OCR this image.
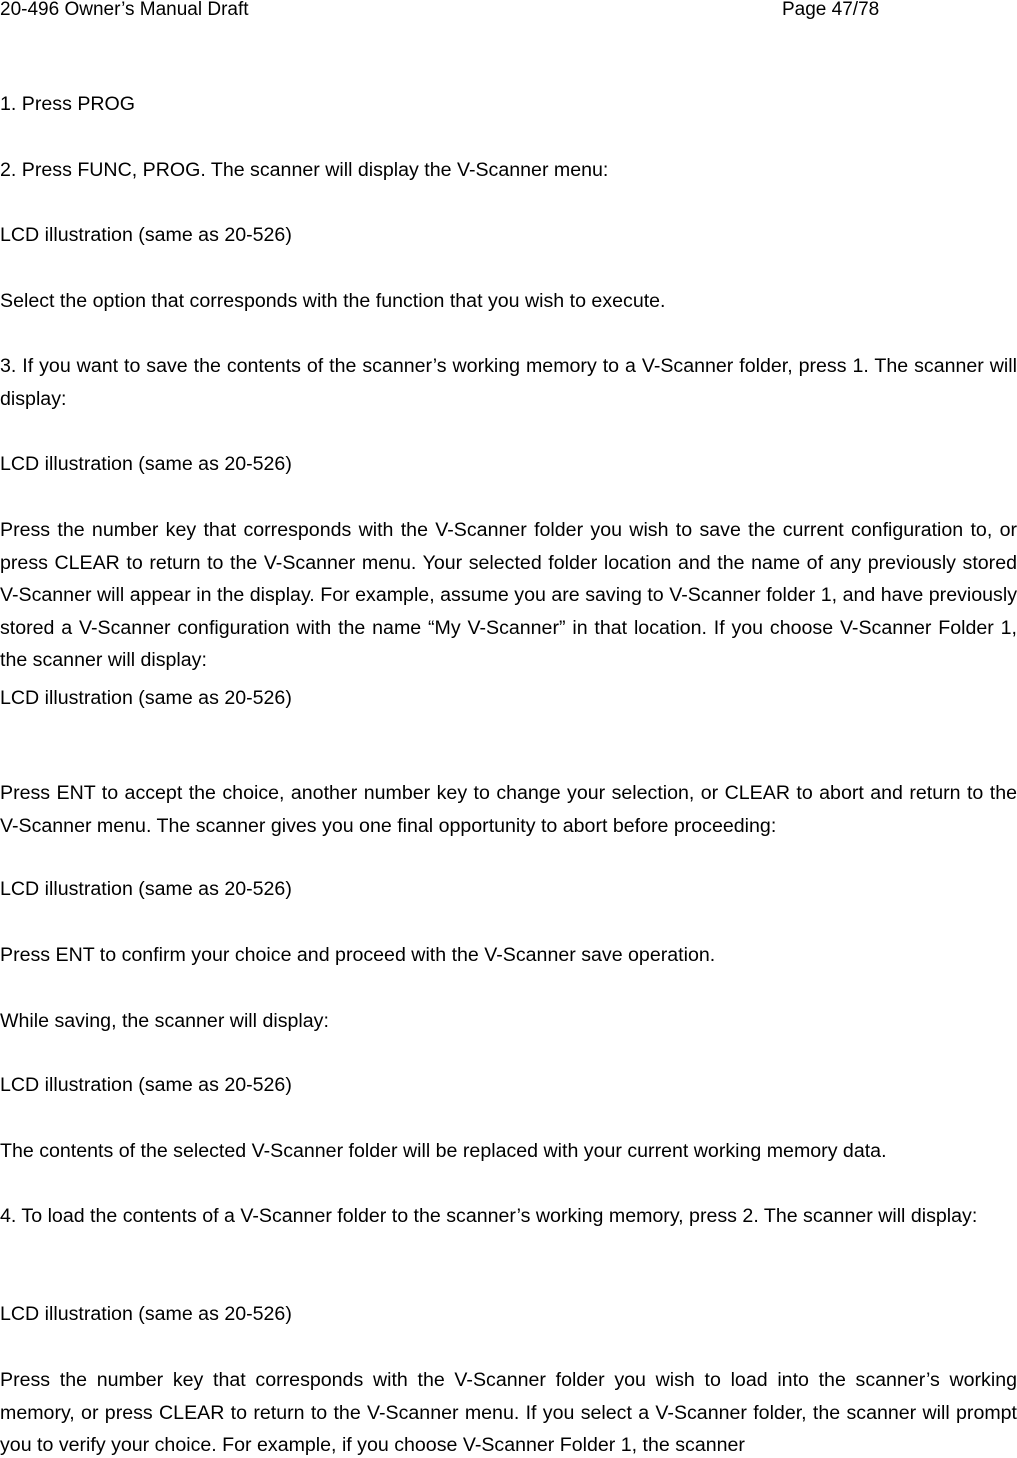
20-496 Owner’s Manual Draft	Page 47/78

1. Press PROG

2. Press FUNC, PROG. The scanner will display the V-Scanner menu:

LCD illustration (same as 20-526)

Select the option that corresponds with the function that you wish to execute.

3. If you want to save the contents of the scanner’s working memory to a V-Scanner folder, press 1. The scanner will display:

LCD illustration (same as 20-526)

Press the number key that corresponds with the V-Scanner folder you wish to save the current configuration to, or press CLEAR to return to the V-Scanner menu. Your selected folder location and the name of any previously stored V-Scanner will appear in the display. For example, assume you are saving to V-Scanner folder 1, and have previously stored a V-Scanner configuration with the name “My V-Scanner” in that location. If you choose V-Scanner Folder 1, the scanner will display:

LCD illustration (same as 20-526)

Press ENT to accept the choice, another number key to change your selection, or CLEAR to abort and return to the V-Scanner menu. The scanner gives you one final opportunity to abort before proceeding:

LCD illustration (same as 20-526)

Press ENT to confirm your choice and proceed with the V-Scanner save operation.

While saving, the scanner will display:

LCD illustration (same as 20-526)

The contents of the selected V-Scanner folder will be replaced with your current working memory data.

4. To load the contents of a V-Scanner folder to the scanner’s working memory, press 2. The scanner will display:

LCD illustration (same as 20-526)

Press the number key that corresponds with the V-Scanner folder you wish to load into the scanner’s working memory, or press CLEAR to return to the V-Scanner menu. If you select a V-Scanner folder, the scanner will prompt you to verify your choice. For example, if you choose V-Scanner Folder 1, the scanner
